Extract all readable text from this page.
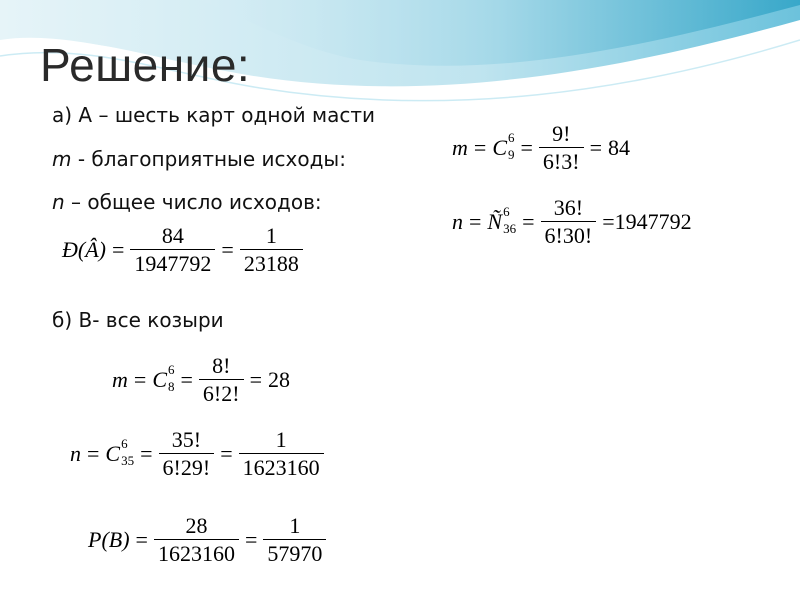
Решение:
а) А – шесть карт одной масти
m - благоприятные исходы:
n – общее число исходов:
m = C 6
$9 = \frac{9!}{6!3!} = 84$
n = Ñ 6
$36 = \frac{36!}{6!30!} = 1947792$
Ð(Â) = $\frac{84}{1947792} = \frac{1}{23188}$
б) В- все козыри
m = C 6
$8 = \frac{8!}{6!2!} = 28$
n = C 6
$35 = \frac{35!}{6!29!} = \frac{1}{1623160}$
$P(B) = \frac{28}{1623160} = \frac{1}{57970}$
